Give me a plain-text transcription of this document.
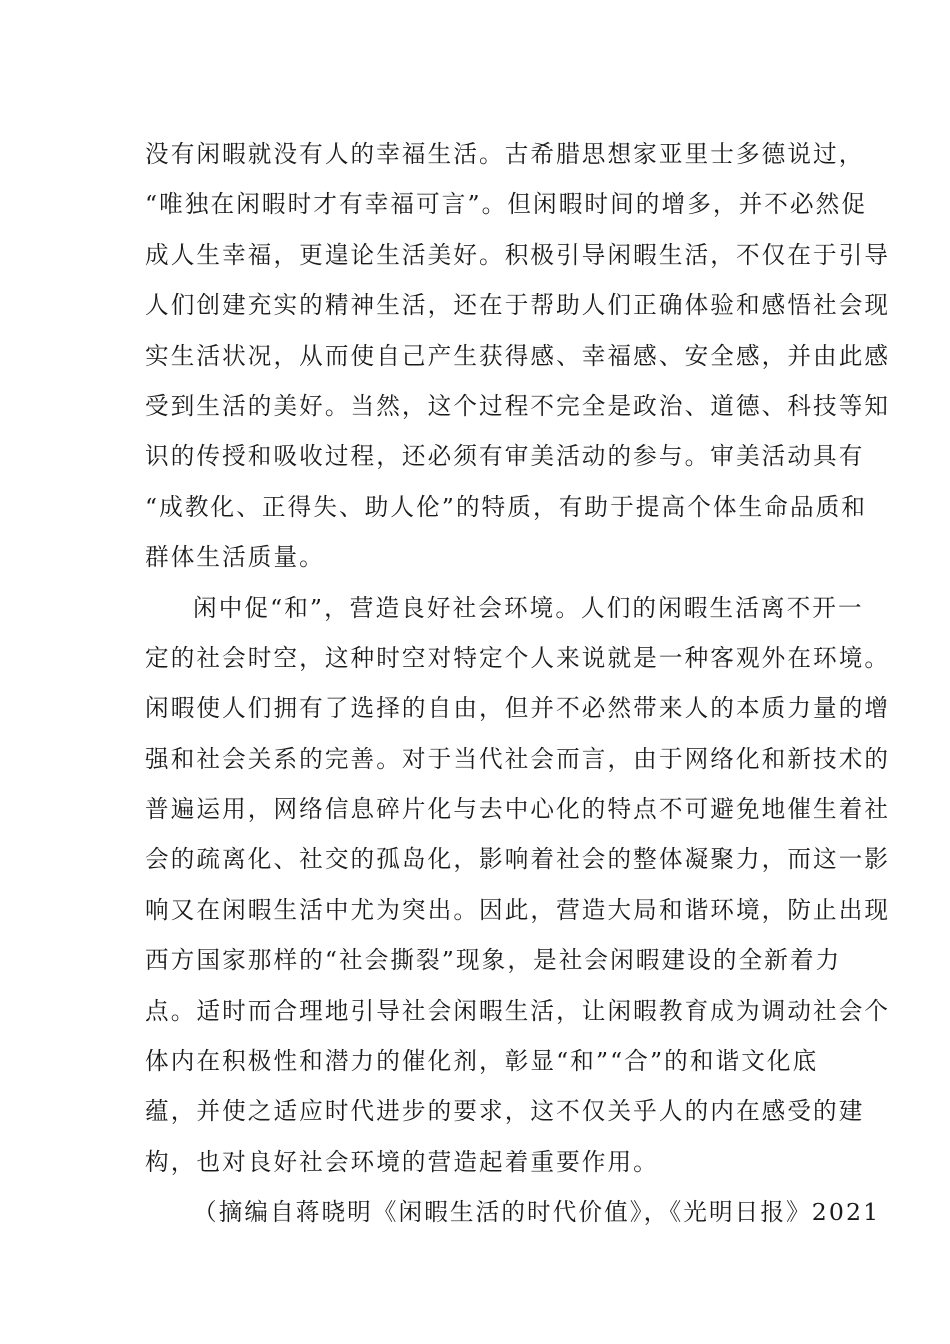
没有闲暇就没有人的幸福生活。古希腊思想家亚里士多德说过，
“唯独在闲暇时才有幸福可言”。但闲暇时间的增多，并不必然促
成人生幸福，更遑论生活美好。积极引导闲暇生活，不仅在于引导
人们创建充实的精神生活，还在于帮助人们正确体验和感悟社会现
实生活状况，从而使自己产生获得感、幸福感、安全感，并由此感
受到生活的美好。当然，这个过程不完全是政治、道德、科技等知
识的传授和吸收过程，还必须有审美活动的参与。审美活动具有
“成教化、正得失、助人伦”的特质，有助于提高个体生命品质和
群体生活质量。
闲中促“和”，营造良好社会环境。人们的闲暇生活离不开一
定的社会时空，这种时空对特定个人来说就是一种客观外在环境。
闲暇使人们拥有了选择的自由，但并不必然带来人的本质力量的增
强和社会关系的完善。对于当代社会而言，由于网络化和新技术的
普遍运用，网络信息碎片化与去中心化的特点不可避免地催生着社
会的疏离化、社交的孤岛化，影响着社会的整体凝聚力，而这一影
响又在闲暇生活中尤为突出。因此，营造大局和谐环境，防止出现
西方国家那样的“社会撕裂”现象，是社会闲暇建设的全新着力
点。适时而合理地引导社会闲暇生活，让闲暇教育成为调动社会个
体内在积极性和潜力的催化剂，彰显“和”“合”的和谐文化底
蕴，并使之适应时代进步的要求，这不仅关乎人的内在感受的建
构，也对良好社会环境的营造起着重要作用。
（摘编自蒋晓明《闲暇生活的时代价值》，《光明日报》2021
